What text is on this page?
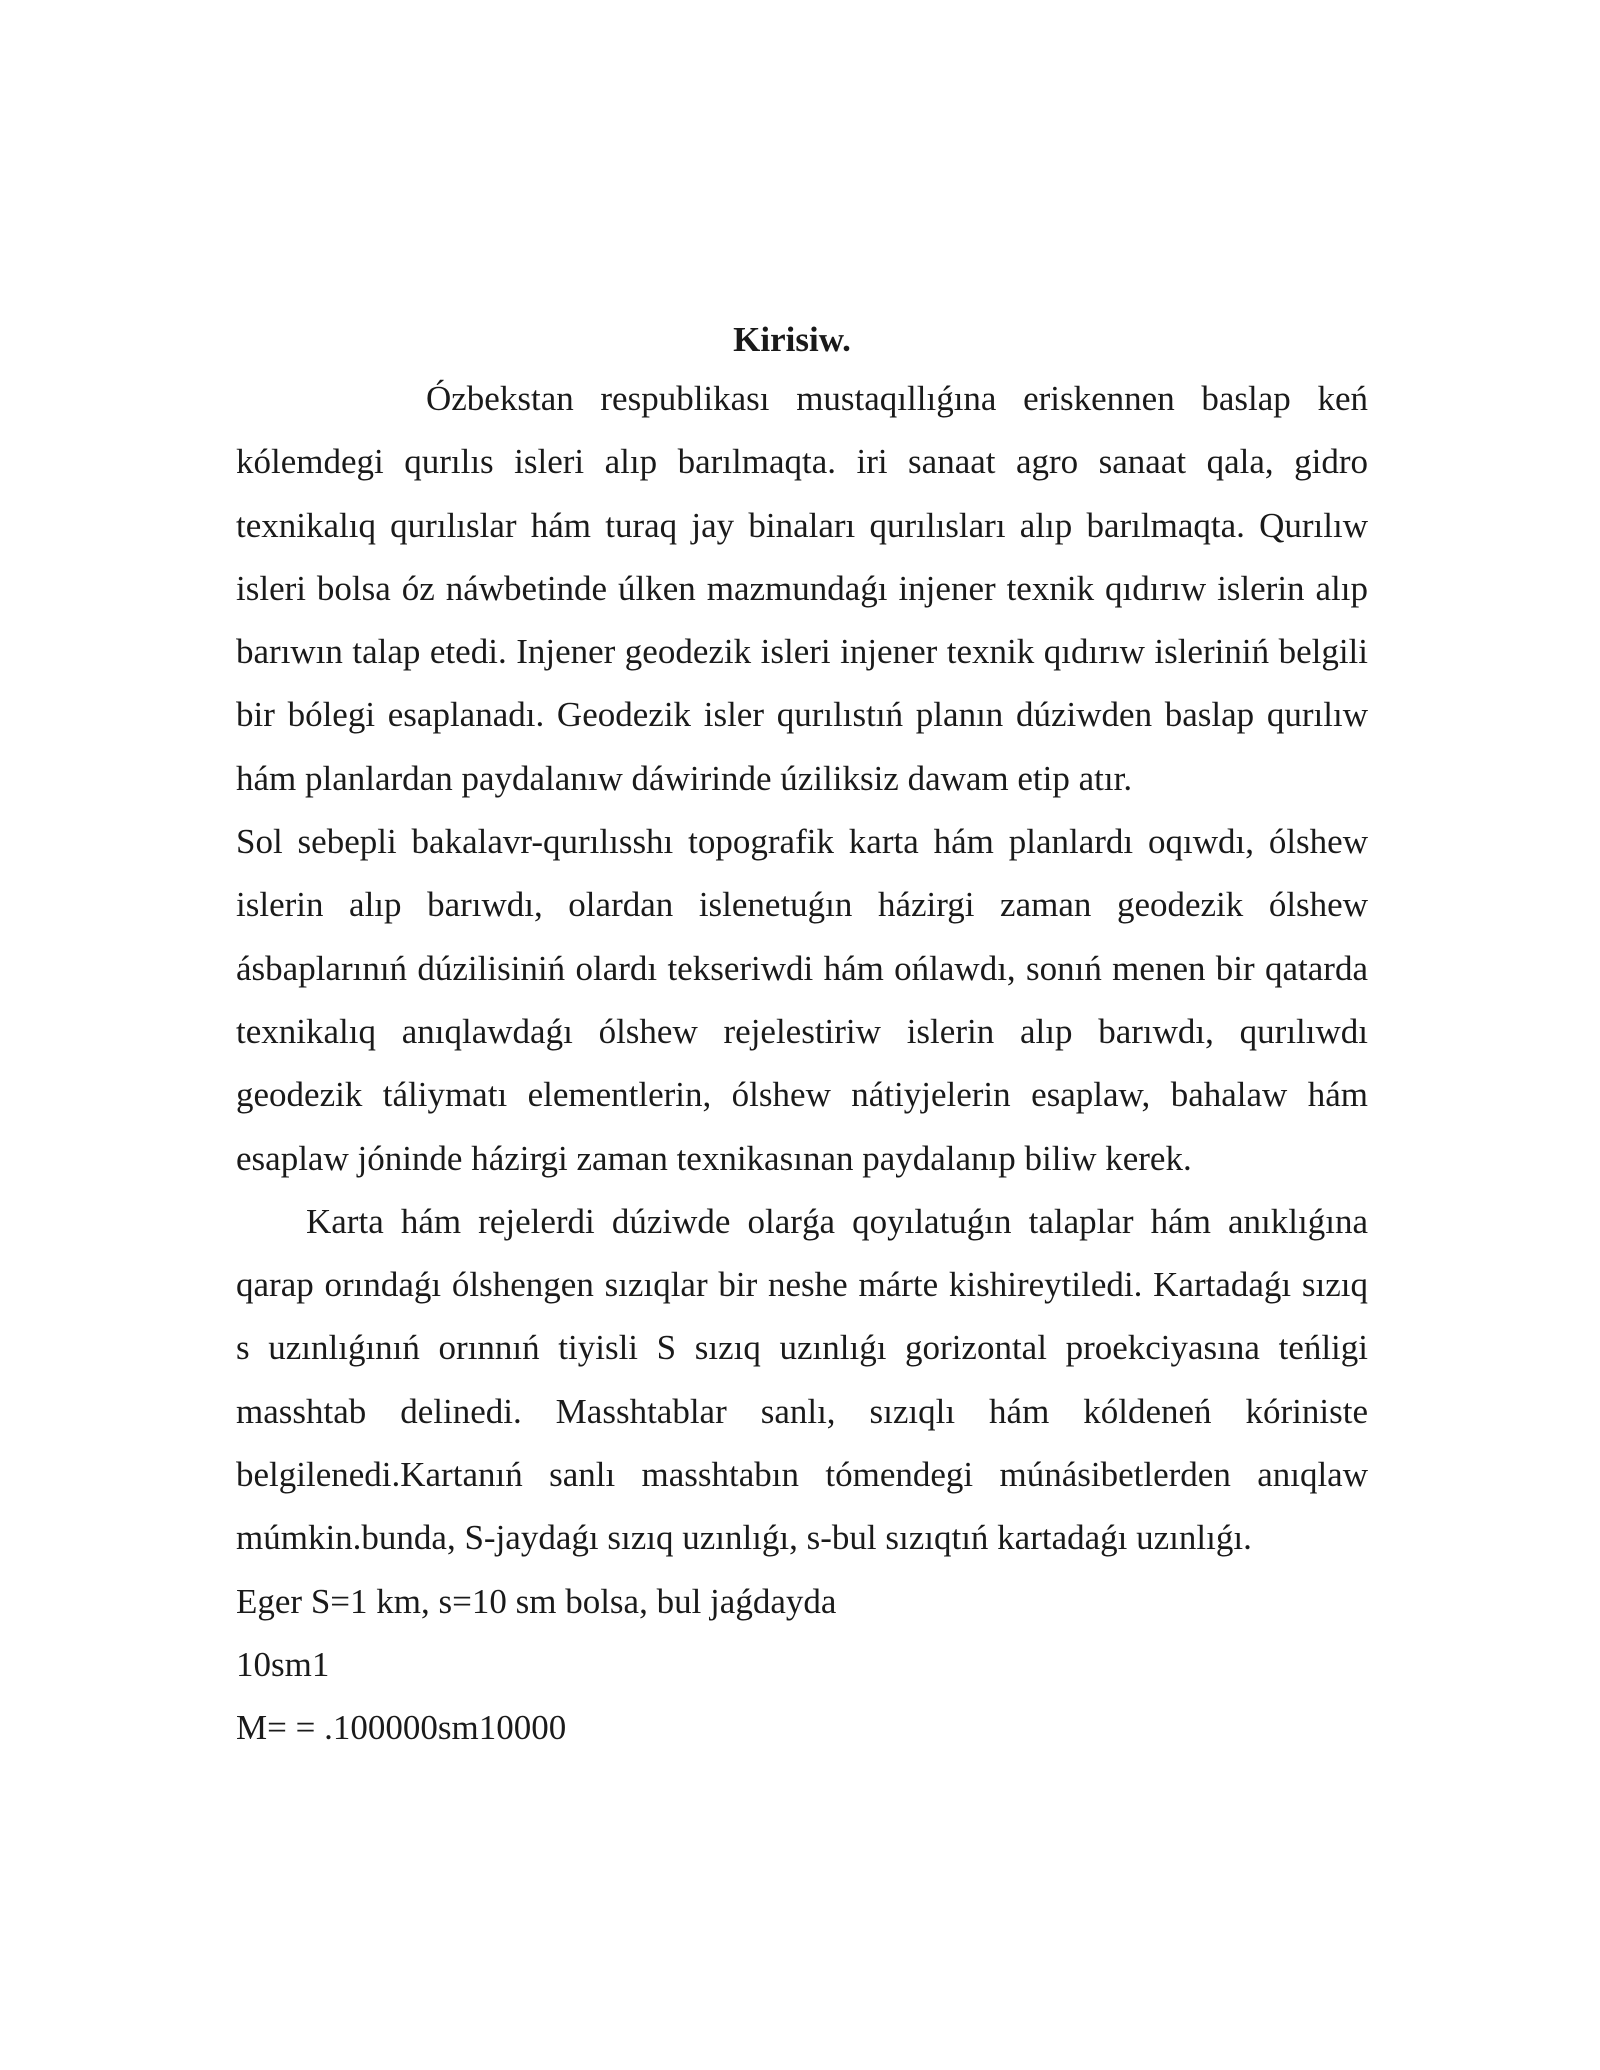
Kirisiw.

Ózbekstan respublikası mustaqıllıǵına eriskennen baslap keń kólemdegi qurılıs isleri alıp barılmaqta. iri sanaat agro sanaat qala, gidro texnikalıq qurılıslar hám turaq jay binaları qurılısları alıp barılmaqta. Qurılıw isleri bolsa óz náwbetinde úlken mazmundaǵı injener texnik qıdırıw islerin alıp barıwın talap etedi. Injener geodezik isleri injener texnik qıdırıw isleriniń belgili bir bólegi esaplanadı. Geodezik isler qurılıstıń planın dúziwden baslap qurılıw hám planlardan paydalanıw dáwirinde úziliksiz dawam etip atır.

Sol sebepli bakalavr-qurılısshı topografik karta hám planlardı oqıwdı, ólshew islerin alıp barıwdı, olardan islenetuǵın házirgi zaman geodezik ólshew ásbaplarınıń dúzilisiniń olardı tekseriwdi hám ońlawdı, sonıń menen bir qatarda texnikalıq anıqlawdaǵı ólshew rejelestiriw islerin alıp barıwdı, qurılıwdı geodezik táliymatı elementlerin, ólshew nátiyjelerin esaplaw, bahalaw hám esaplaw jóninde házirgi zaman texnikasınan paydalanıp biliw kerek.

Karta hám rejelerdi dúziwde olarǵa qoyılatuǵın talaplar hám anıklıǵına qarap orındaǵı ólshengen sızıqlar bir neshe márte kishireytiledi. Kartadaǵı sızıq s uzınlıǵınıń orınnıń tiyisli S sızıq uzınlıǵı gorizontal proekciyasına teńligi masshtab delinedi. Masshtablar sanlı, sızıqlı hám kóldeneń kóriniste belgilenedi.Kartanıń sanlı masshtabın tómendegi múnásibetlerden anıqlaw múmkin.bunda, S-jaydaǵı sızıq uzınlıǵı, s-bul sızıqtıń kartadaǵı uzınlıǵı.

Eger S=1 km, s=10 sm bolsa, bul jaǵdayda

10sm1

M= = .100000sm10000
